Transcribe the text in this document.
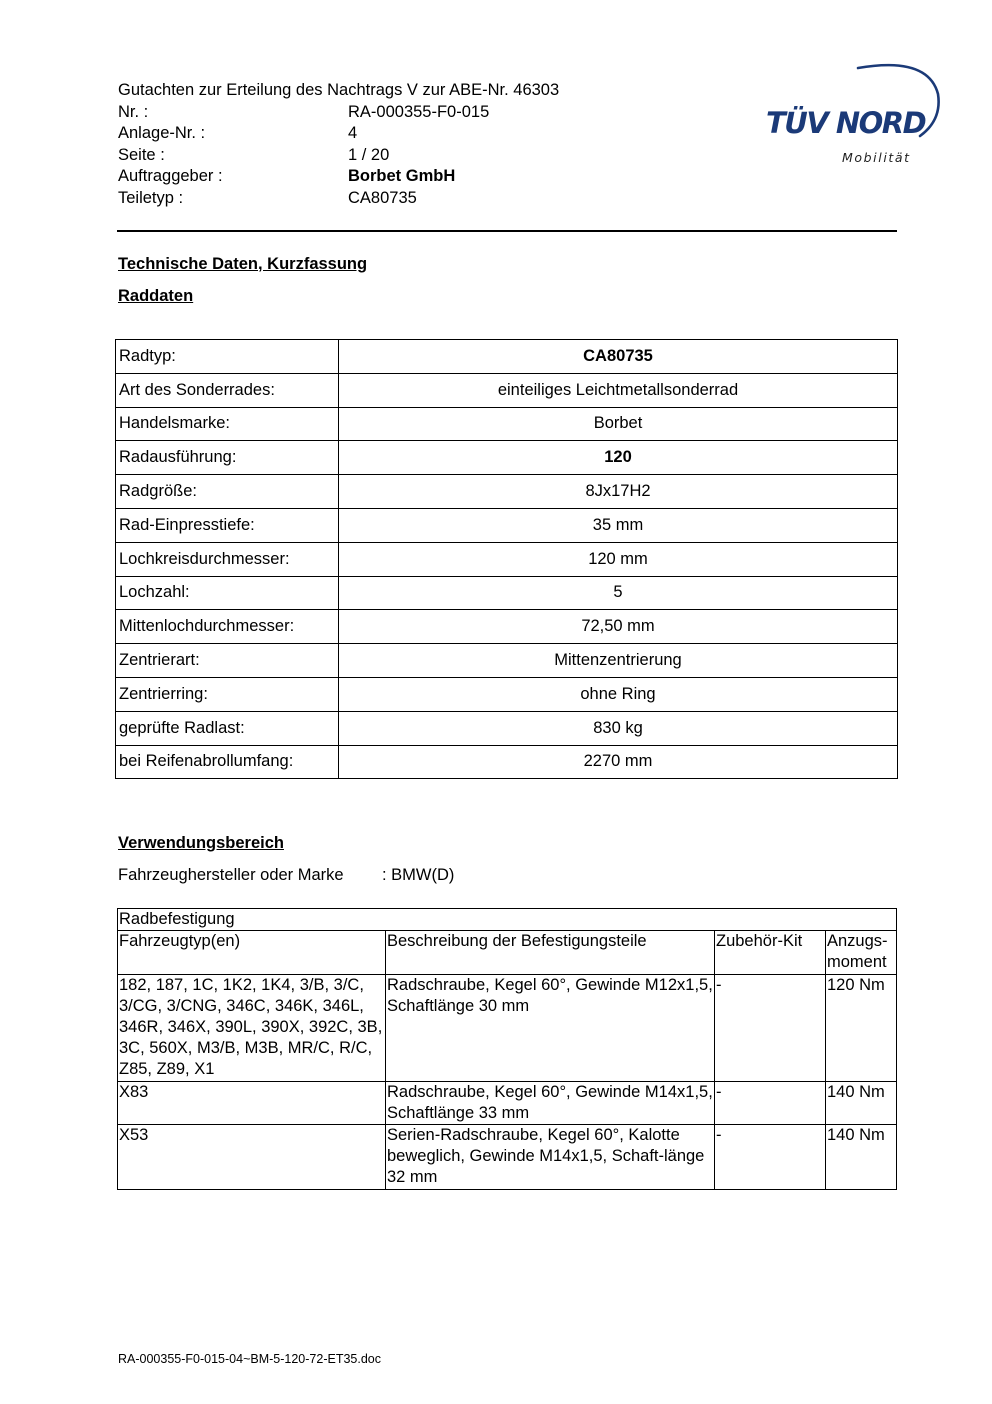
Gutachten zur Erteilung des Nachtrags V zur ABE-Nr. 46303
Nr. :	RA-000355-F0-015
Anlage-Nr. :	4
Seite :	1 / 20
Auftraggeber :	Borbet GmbH
Teiletyp :	CA80735
TÜV NORD
Mobilität
Technische Daten, Kurzfassung
Raddaten
Radtyp:	CA80735
Art des Sonderrades:	einteiliges Leichtmetallsonderrad
Handelsmarke:	Borbet
Radausführung:	120
Radgröße:	8Jx17H2
Rad-Einpresstiefe:	35 mm
Lochkreisdurchmesser:	120 mm
Lochzahl:	5
Mittenlochdurchmesser:	72,50 mm
Zentrierart:	Mittenzentrierung
Zentrierring:	ohne Ring
geprüfte Radlast:	830 kg
bei Reifenabrollumfang:	2270 mm
Verwendungsbereich
Fahrzeughersteller oder Marke : BMW(D)
Radbefestigung			
Fahrzeugtyp(en)	Beschreibung der Befestigungsteile	Zubehör-Kit	Anzugs-moment
182, 187, 1C, 1K2, 1K4, 3/B, 3/C, 3/CG, 3/CNG, 346C, 346K, 346L, 346R, 346X, 390L, 390X, 392C, 3B, 3C, 560X, M3/B, M3B, MR/C, R/C, Z85, Z89, X1	Radschraube, Kegel 60°, Gewinde M12x1,5, Schaftlänge 30 mm	-	120 Nm
X83	Radschraube, Kegel 60°, Gewinde M14x1,5, Schaftlänge 33 mm	-	140 Nm
X53	Serien-Radschraube, Kegel 60°, Kalotte beweglich, Gewinde M14x1,5, Schaft-länge 32 mm	-	140 Nm
RA-000355-F0-015-04~BM-5-120-72-ET35.doc
